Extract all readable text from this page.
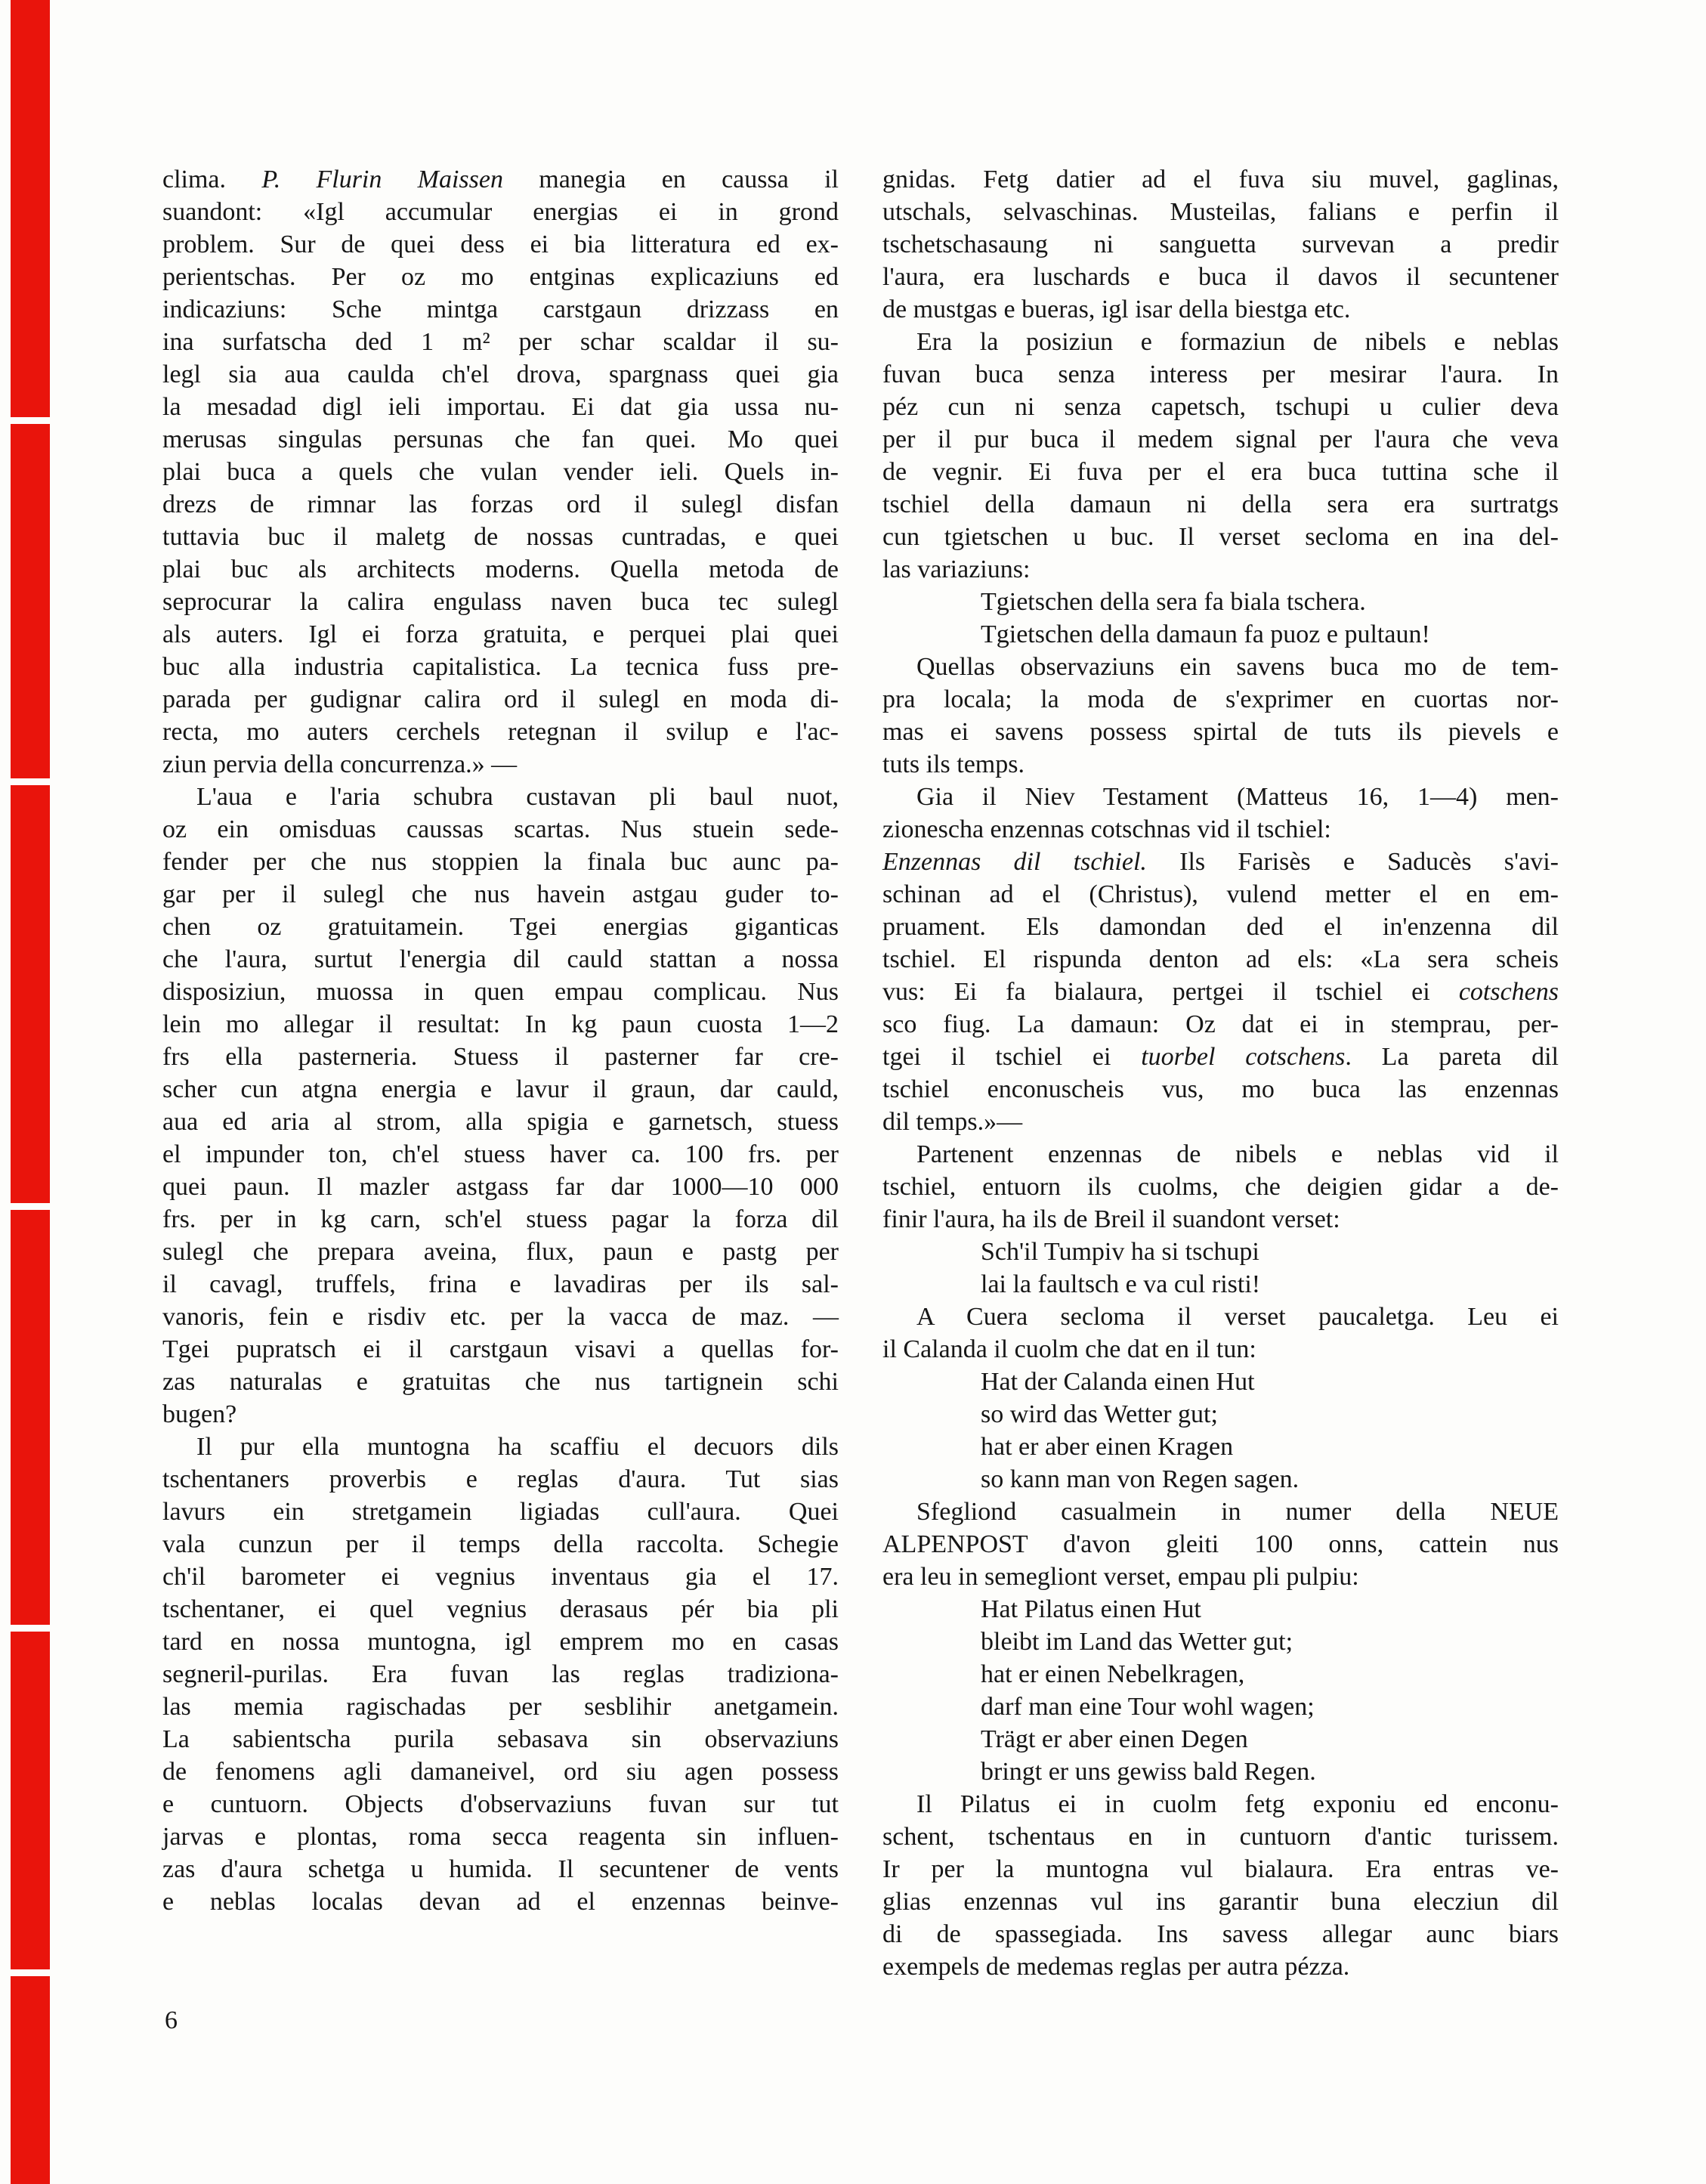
clima. P. Flurin Maissen manegia en caussa il
suandont: «Igl accumular energias ei in grond
problem. Sur de quei dess ei bia litteratura ed ex-
perientschas. Per oz mo entginas explicaziuns ed
indicaziuns: Sche mintga carstgaun drizzass en
ina surfatscha ded 1 m² per schar scaldar il su-
legl sia aua caulda ch'el drova, spargnass quei gia
la mesadad digl ieli importau. Ei dat gia ussa nu-
merusas singulas persunas che fan quei. Mo quei
plai buca a quels che vulan vender ieli. Quels in-
drezs de rimnar las forzas ord il sulegl disfan
tuttavia buc il maletg de nossas cuntradas, e quei
plai buc als architects moderns. Quella metoda de
seprocurar la calira engulass naven buca tec sulegl
als auters. Igl ei forza gratuita, e perquei plai quei
buc alla industria capitalistica. La tecnica fuss pre-
parada per gudignar calira ord il sulegl en moda di-
recta, mo auters cerchels retegnan il svilup e l'ac-
ziun pervia della concurrenza.» —
L'aua e l'aria schubra custavan pli baul nuot,
oz ein omisduas caussas scartas. Nus stuein sede-
fender per che nus stoppien la finala buc aunc pa-
gar per il sulegl che nus havein astgau guder to-
chen oz gratuitamein. Tgei energias giganticas
che l'aura, surtut l'energia dil cauld stattan a nossa
disposiziun, muossa in quen empau complicau. Nus
lein mo allegar il resultat: In kg paun cuosta 1—2
frs ella pasterneria. Stuess il pasterner far cre-
scher cun atgna energia e lavur il graun, dar cauld,
aua ed aria al strom, alla spigia e garnetsch, stuess
el impunder ton, ch'el stuess haver ca. 100 frs. per
quei paun. Il mazler astgass far dar 1000—10 000
frs. per in kg carn, sch'el stuess pagar la forza dil
sulegl che prepara aveina, flux, paun e pastg per
il cavagl, truffels, frina e lavadiras per ils sal-
vanoris, fein e risdiv etc. per la vacca de maz. —
Tgei pupratsch ei il carstgaun visavi a quellas for-
zas naturalas e gratuitas che nus tartignein schi
bugen?
Il pur ella muntogna ha scaffiu el decuors dils
tschentaners proverbis e reglas d'aura. Tut sias
lavurs ein stretgamein ligiadas cull'aura. Quei
vala cunzun per il temps della raccolta. Schegie
ch'il barometer ei vegnius inventaus gia el 17.
tschentaner, ei quel vegnius derasaus pér bia pli
tard en nossa muntogna, igl emprem mo en casas
segneril-purilas. Era fuvan las reglas tradiziona-
las memia ragischadas per sesblihir anetgamein.
La sabientscha purila sebasava sin observaziuns
de fenomens agli damaneivel, ord siu agen possess
e cuntuorn. Objects d'observaziuns fuvan sur tut
jarvas e plontas, roma secca reagenta sin influen-
zas d'aura schetga u humida. Il secuntener de vents
e neblas localas devan ad el enzennas beinve-
gnidas. Fetg datier ad el fuva siu muvel, gaglinas,
utschals, selvaschinas. Musteilas, falians e perfin il
tschetschasaung ni sanguetta survevan a predir
l'aura, era luschards e buca il davos il secuntener
de mustgas e bueras, igl isar della biestga etc.
Era la posiziun e formaziun de nibels e neblas
fuvan buca senza interess per mesirar l'aura. In
péz cun ni senza capetsch, tschupi u culier deva
per il pur buca il medem signal per l'aura che veva
de vegnir. Ei fuva per el era buca tuttina sche il
tschiel della damaun ni della sera era surtratgs
cun tgietschen u buc. Il verset secloma en ina del-
las variaziuns:
Tgietschen della sera fa biala tschera.
Tgietschen della damaun fa puoz e pultaun!
Quellas observaziuns ein savens buca mo de tem-
pra locala; la moda de s'exprimer en cuortas nor-
mas ei savens possess spirtal de tuts ils pievels e
tuts ils temps.
Gia il Niev Testament (Matteus 16, 1—4) men-
zionescha enzennas cotschnas vid il tschiel:
Enzennas dil tschiel. Ils Farisès e Saducès s'avi-
schinan ad el (Christus), vulend metter el en em-
pruament. Els damondan ded el in'enzenna dil
tschiel. El rispunda denton ad els: «La sera scheis
vus: Ei fa bialaura, pertgei il tschiel ei cotschens
sco fiug. La damaun: Oz dat ei in stemprau, per-
tgei il tschiel ei tuorbel cotschens. La pareta dil
tschiel enconuscheis vus, mo buca las enzennas
dil temps.»—
Partenent enzennas de nibels e neblas vid il
tschiel, entuorn ils cuolms, che deigien gidar a de-
finir l'aura, ha ils de Breil il suandont verset:
Sch'il Tumpiv ha si tschupi
lai la faultsch e va cul risti!
A Cuera secloma il verset paucaletga. Leu ei
il Calanda il cuolm che dat en il tun:
Hat der Calanda einen Hut
so wird das Wetter gut;
hat er aber einen Kragen
so kann man von Regen sagen.
Sfegliond casualmein in numer della NEUE
ALPENPOST d'avon gleiti 100 onns, cattein nus
era leu in semegliont verset, empau pli pulpiu:
Hat Pilatus einen Hut
bleibt im Land das Wetter gut;
hat er einen Nebelkragen,
darf man eine Tour wohl wagen;
Trägt er aber einen Degen
bringt er uns gewiss bald Regen.
Il Pilatus ei in cuolm fetg exponiu ed enconu-
schent, tschentaus en in cuntuorn d'antic turissem.
Ir per la muntogna vul bialaura. Era entras ve-
glias enzennas vul ins garantir buna elecziun dil
di de spassegiada. Ins savess allegar aunc biars
exempels de medemas reglas per autra pézza.
6
